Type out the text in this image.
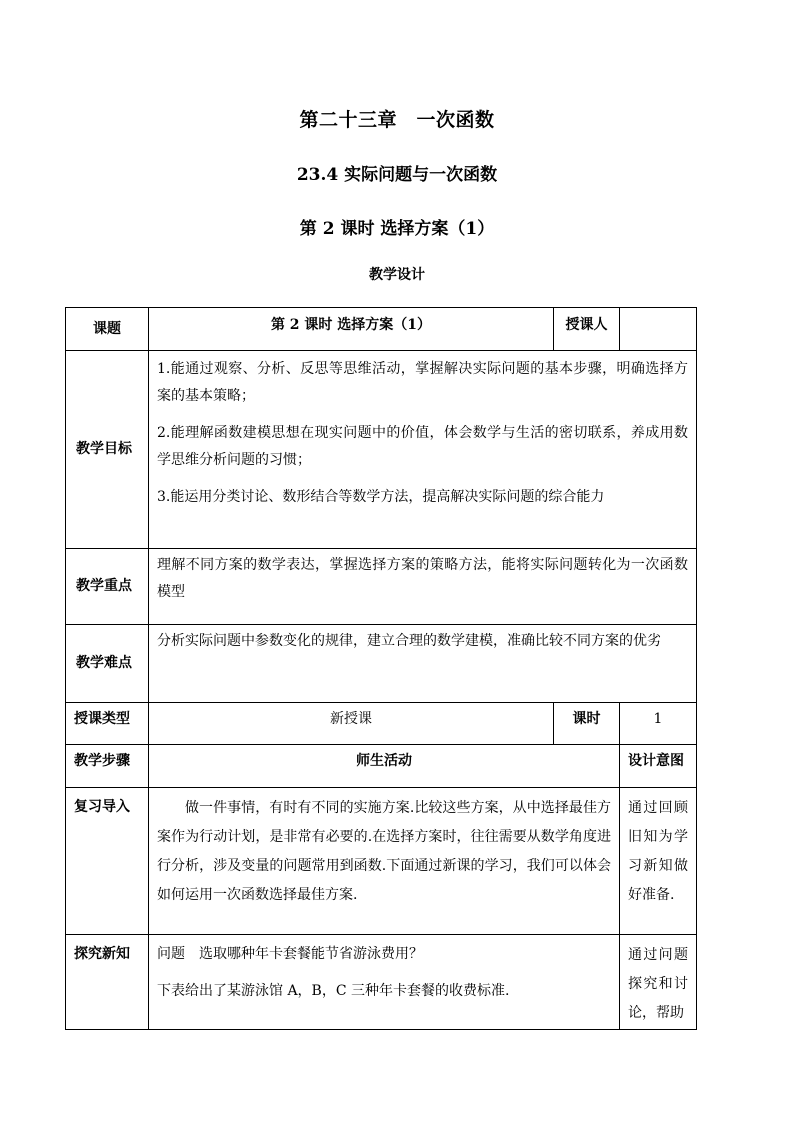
第二十三章　一次函数
23.4 实际问题与一次函数
第 2 课时 选择方案（1）
教学设计
课题	第 2 课时 选择方案（1）	授课人	
教学目标	1.能通过观察、分析、反思等思维活动，掌握解决实际问题的基本步骤，明确选择方案的基本策略；

2.能理解函数建模思想在现实问题中的价值，体会数学与生活的密切联系，养成用数学思维分析问题的习惯；

3.能运用分类讨论、数形结合等数学方法，提高解决实际问题的综合能力		

教学重点	理解不同方案的数学表达，掌握选择方案的策略方法，能将实际问题转化为一次函数模型		
教学难点	分析实际问题中参数变化的规律，建立合理的数学建模，准确比较不同方案的优劣		
授课类型	新授课	课时	1
教学步骤	师生活动		设计意图
复习导入	做一件事情，有时有不同的实施方案.比较这些方案，从中选择最佳方案作为行动计划，是非常有必要的.在选择方案时，往往需要从数学角度进行分析，涉及变量的问题常用到函数.下面通过新课的学习，我们可以体会如何运用一次函数选择最佳方案.		通过回顾旧知为学习新知做好准备.
探究新知	问题　选取哪种年卡套餐能节省游泳费用？

下表给出了某游泳馆 A，B，C 三种年卡套餐的收费标准.		通过问题探究和讨论，帮助
